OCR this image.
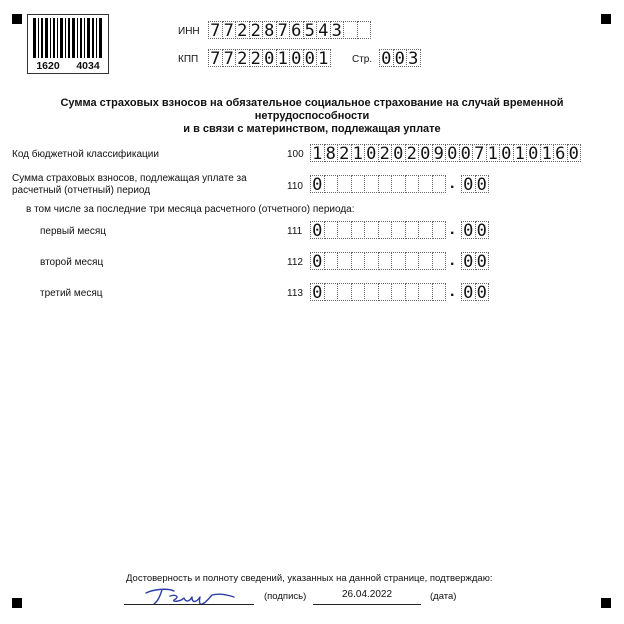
1620 4034
ИНН 7 7 2 2 8 7 6 5 4 3
КПП 7 7 2 2 0 1 0 0 1 Стр. 0 0 3
Сумма страховых взносов на обязательное социальное страхование на случай временной нетрудоспособности
и в связи с материнством, подлежащая уплате
Код бюджетной классификации	100 1 8 2 1 0 2 0 2 0 9 0 0 7 1 0 1 0 1 6 0
Сумма страховых взносов, подлежащая уплате за
расчетный (отчетный) период	110 0	. 0 0
в том числе за последние три месяца расчетного (отчетного) периода:
первый месяц	111 0	. 0 0
второй месяц	112 0	. 0 0
третий месяц	113 0	. 0 0
Достоверность и полноту сведений, указанных на данной странице, подтверждаю:
(подпись)	26.04.2022	(дата)
